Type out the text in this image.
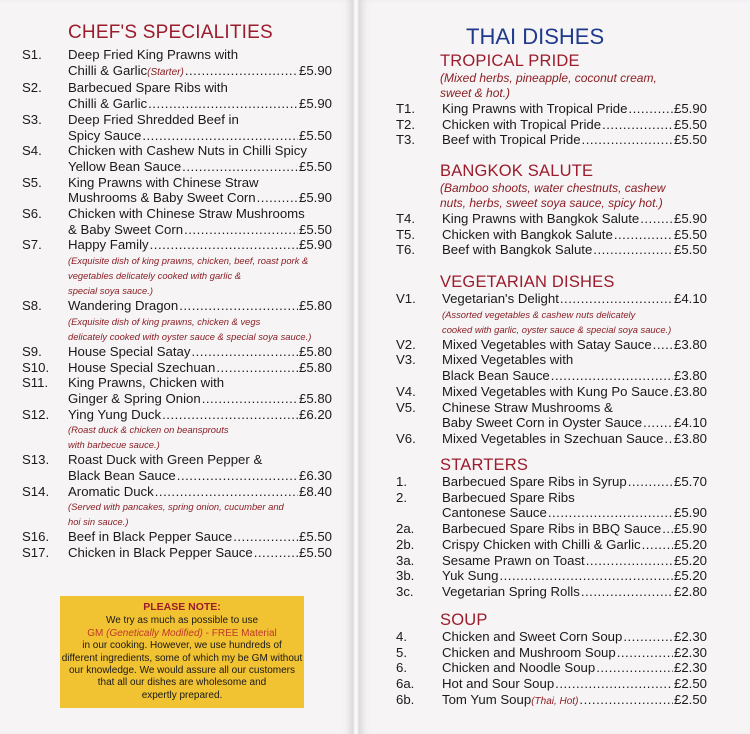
CHEF'S SPECIALITIES
S1. Deep Fried King Prawns with
Chilli & Garlic (Starter) .....	£5.90
S2. Barbecued Spare Ribs with
Chilli & Garlic .....	£5.90
S3. Deep Fried Shredded Beef in
Spicy Sauce .....	£5.50
S4. Chicken with Cashew Nuts in Chilli Spicy
Yellow Bean Sauce .....	£5.50
S5. King Prawns with Chinese Straw
Mushrooms & Baby Sweet Corn .....	£5.90
S6. Chicken with Chinese Straw Mushrooms
& Baby Sweet Corn .....	£5.50
S7. Happy Family .....	£5.90
(Exquisite dish of king prawns, chicken, beef, roast pork &
vegetables delicately cooked with garlic &
special soya sauce.)
S8. Wandering Dragon .....	£5.80
(Exquisite dish of king prawns, chicken & vegs
delicately cooked with oyster sauce & special soya sauce.)
S9. House Special Satay .....	£5.80
S10. House Special Szechuan .....	£5.80
S11. King Prawns, Chicken with
Ginger & Spring Onion .....	£5.80
S12. Ying Yung Duck .....	£6.20
(Roast duck & chicken on beansprouts
with barbecue sauce.)
S13. Roast Duck with Green Pepper &
Black Bean Sauce .....	£6.30
S14. Aromatic Duck .....	£8.40
(Served with pancakes, spring onion, cucumber and
hoi sin sauce.)
S16. Beef in Black Pepper Sauce .....	£5.50
S17. Chicken in Black Pepper Sauce .....	£5.50
PLEASE NOTE:
We try as much as possible to use
GM (Genetically Modified) - FREE Material
in our cooking. However, we use hundreds of
different ingredients, some of which my be GM without
our knowledge. We would assure all our customers
that all our dishes are wholesome and
expertly prepared.
THAI DISHES
TROPICAL PRIDE
(Mixed herbs, pineapple, coconut cream,
sweet & hot.)
T1. King Prawns with Tropical Pride .....	£5.90
T2. Chicken with Tropical Pride .....	£5.50
T3. Beef with Tropical Pride .....	£5.50
BANGKOK SALUTE
(Bamboo shoots, water chestnuts, cashew
nuts, herbs, sweet soya sauce, spicy hot.)
T4. King Prawns with Bangkok Salute .....	£5.90
T5. Chicken with Bangkok Salute .....	£5.50
T6. Beef with Bangkok Salute .....	£5.50
VEGETARIAN DISHES
V1. Vegetarian's Delight .....	£4.10
(Assorted vegetables & cashew nuts delicately
cooked with garlic, oyster sauce & special soya sauce.)
V2. Mixed Vegetables with Satay Sauce ..... £3.80
V3. Mixed Vegetables with
Black Bean Sauce .....	£3.80
V4. Mixed Vegetables with Kung Po Sauce ..... £3.80
V5. Chinese Straw Mushrooms &
Baby Sweet Corn in Oyster Sauce ..... £4.10
V6. Mixed Vegetables in Szechuan Sauce ..... £3.80
STARTERS
1.	Barbecued Spare Ribs in Syrup .....	£5.70
2.	Barbecued Spare Ribs
Cantonese Sauce .....	£5.90
2a. Barbecued Spare Ribs in BBQ Sauce ..... £5.90
2b. Crispy Chicken with Chilli & Garlic .....	£5.20
3a. Sesame Prawn on Toast .....	£5.20
3b. Yuk Sung .....	£5.20
3c. Vegetarian Spring Rolls .....	£2.80
SOUP
4.	Chicken and Sweet Corn Soup .....	£2.30
5.	Chicken and Mushroom Soup .....	£2.30
6.	Chicken and Noodle Soup .....	£2.30
6a. Hot and Sour Soup .....	£2.50
6b. Tom Yum Soup (Thai, Hot) .....	£2.50
